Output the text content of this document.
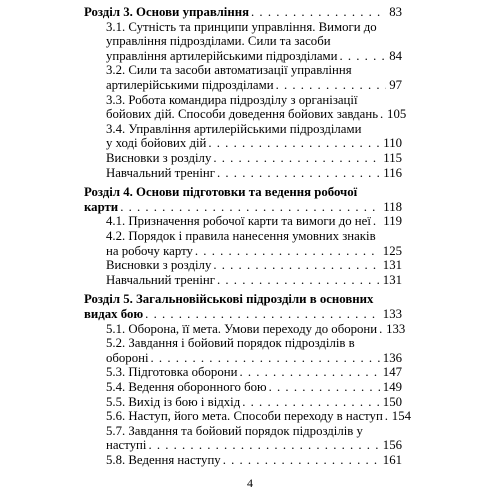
Розділ 3. Основи управління . . .	83
3.1. Сутність та принципи управління. Вимоги до
управління підрозділами. Сили та засоби
управління артилерійськими підрозділами . . .	84
3.2. Сили та засоби автоматизації управління
артилерійськими підрозділами . . .	97
3.3. Робота командира підрозділу з організації
бойових дій. Способи доведення бойових завдань . . . 105
3.4. Управління артилерійськими підрозділами
у ході бойових дій . . .	110
Висновки з розділу . . .	115
Навчальний тренінг . . .	116
Розділ 4. Основи підготовки та ведення робочої
карти . . .	118
4.1. Призначення робочої карти та вимоги до неї . . . 119
4.2. Порядок і правила нанесення умовних знаків
на робочу карту . . .	125
Висновки з розділу . . .	131
Навчальний тренінг . . .	131
Розділ 5. Загальновійськові підрозділи в основних
видах бою . . .	133
5.1. Оборона, її мета. Умови переходу до оборони . . . 133
5.2. Завдання і бойовий порядок підрозділів в
обороні . . .	136
5.3. Підготовка оборони . . .	147
5.4. Ведення оборонного бою . . .	149
5.5. Вихід із бою і відхід . . .	150
5.6. Наступ, його мета. Способи переходу в наступ . . . 154
5.7. Завдання та бойовий порядок підрозділів у
наступі . . .	156
5.8. Ведення наступу . . .	161
4
